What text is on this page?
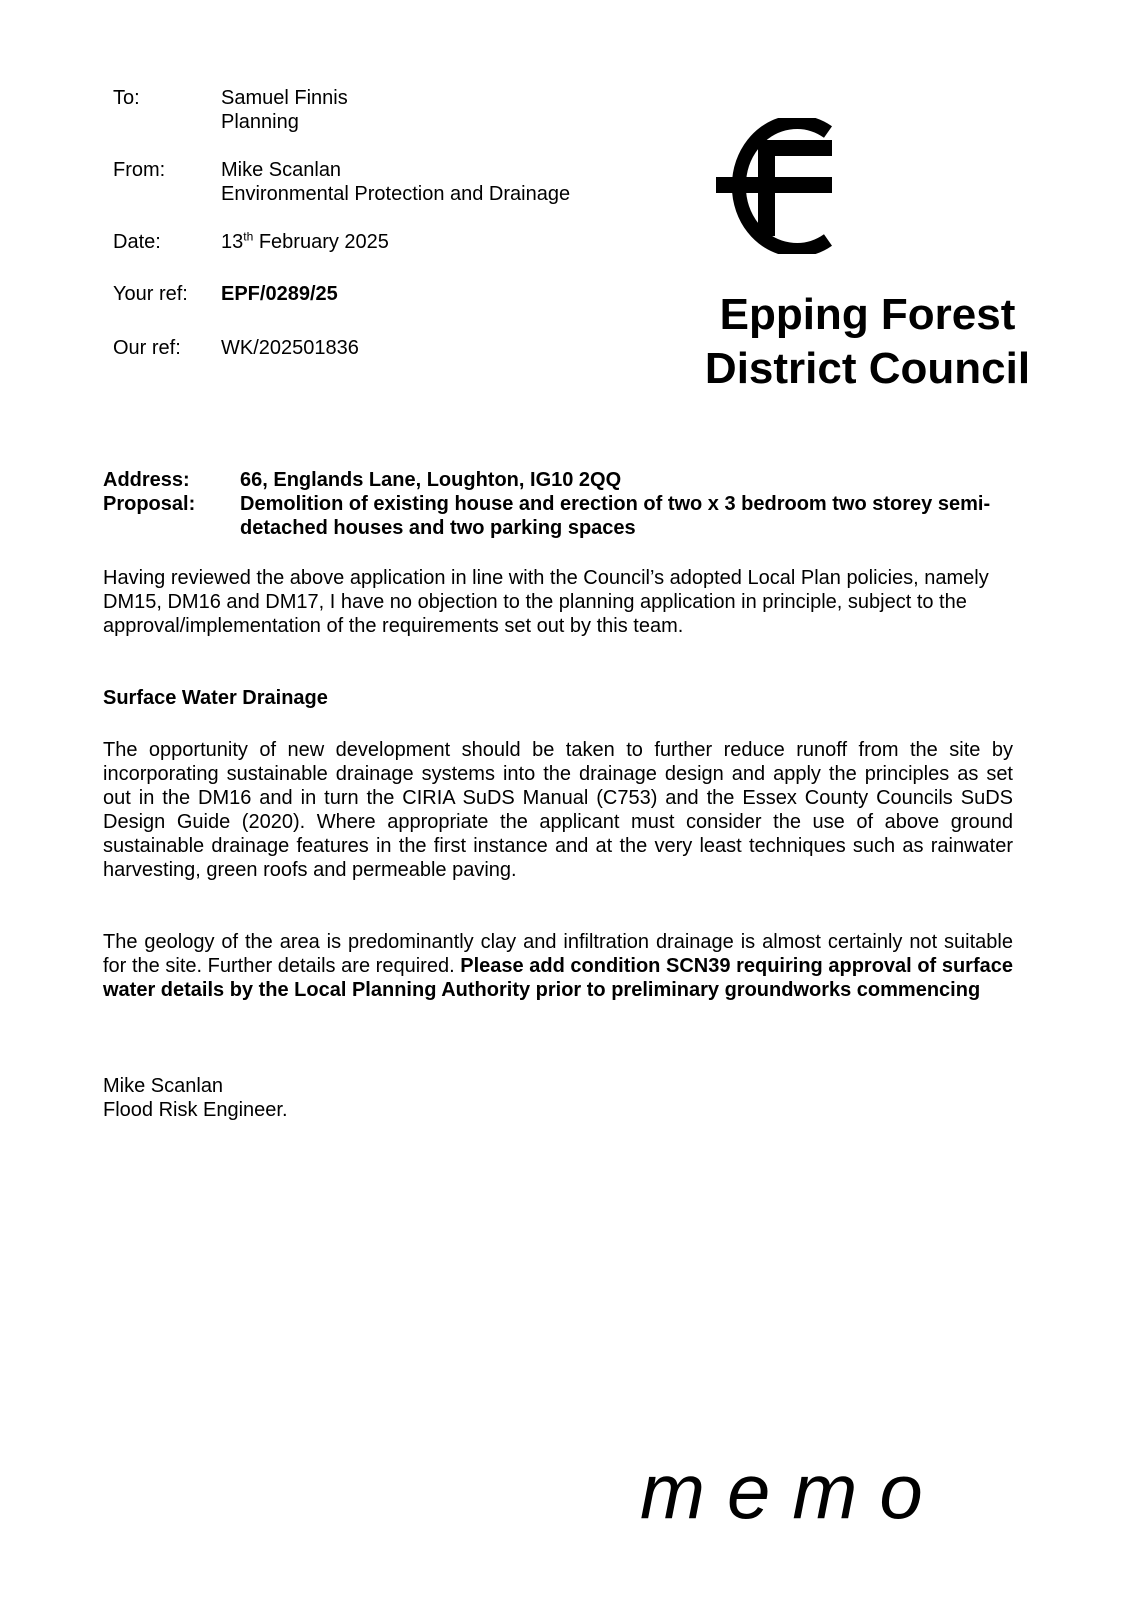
To:	Samuel Finnis
Planning
From:	Mike Scanlan
Environmental Protection and Drainage
Date:	13th February 2025
Your ref: EPF/0289/25
Our ref: WK/202501836
Epping Forest
District Council
Address:	66, Englands Lane, Loughton, IG10 2QQ
Proposal: Demolition of existing house and erection of two x 3 bedroom two storey semi-detached houses and two parking spaces
Having reviewed the above application in line with the Council’s adopted Local Plan policies, namely DM15, DM16 and DM17, I have no objection to the planning application in principle, subject to the approval/implementation of the requirements set out by this team.
Surface Water Drainage
The opportunity of new development should be taken to further reduce runoff from the site by incorporating sustainable drainage systems into the drainage design and apply the principles as set out in the DM16 and in turn the CIRIA SuDS Manual (C753) and the Essex County Councils SuDS Design Guide (2020). Where appropriate the applicant must consider the use of above ground sustainable drainage features in the first instance and at the very least techniques such as rainwater harvesting, green roofs and permeable paving.
The geology of the area is predominantly clay and infiltration drainage is almost certainly not suitable for the site. Further details are required. Please add condition SCN39 requiring approval of surface water details by the Local Planning Authority prior to preliminary groundworks commencing
Mike Scanlan
Flood Risk Engineer.
memo
